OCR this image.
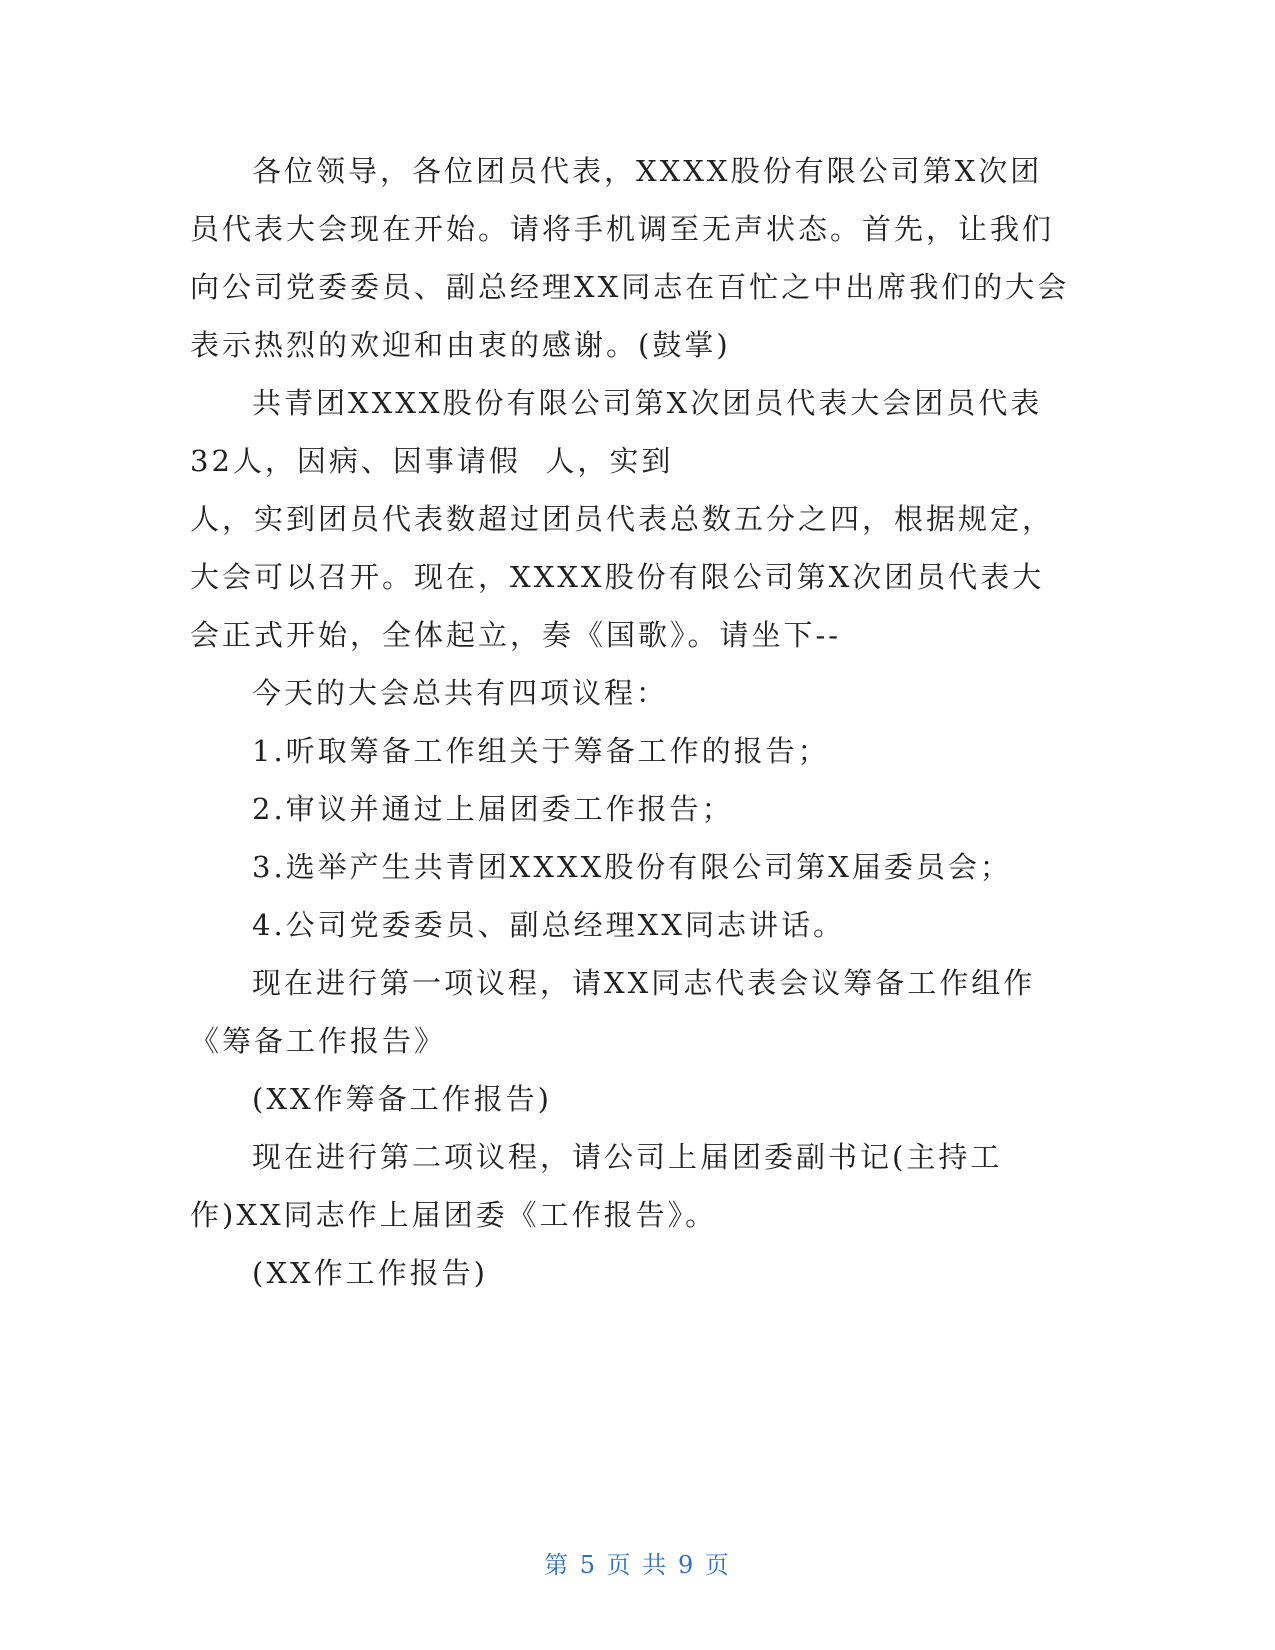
各位领导，各位团员代表，XXXX股份有限公司第X次团员代表大会现在开始。请将手机调至无声状态。首先，让我们向公司党委委员、副总经理XX同志在百忙之中出席我们的大会表示热烈的欢迎和由衷的感谢。(鼓掌)

共青团XXXX股份有限公司第X次团员代表大会团员代表32人，因病、因事请假  人，实到

人，实到团员代表数超过团员代表总数五分之四，根据规定，大会可以召开。现在，XXXX股份有限公司第X次团员代表大会正式开始，全体起立，奏《国歌》。请坐下--

今天的大会总共有四项议程：

1.听取筹备工作组关于筹备工作的报告；

2.审议并通过上届团委工作报告；

3.选举产生共青团XXXX股份有限公司第X届委员会；

4.公司党委委员、副总经理XX同志讲话。

现在进行第一项议程，请XX同志代表会议筹备工作组作《筹备工作报告》

(XX作筹备工作报告)

现在进行第二项议程，请公司上届团委副书记(主持工作)XX同志作上届团委《工作报告》。

(XX作工作报告)

第 5 页 共 9 页
